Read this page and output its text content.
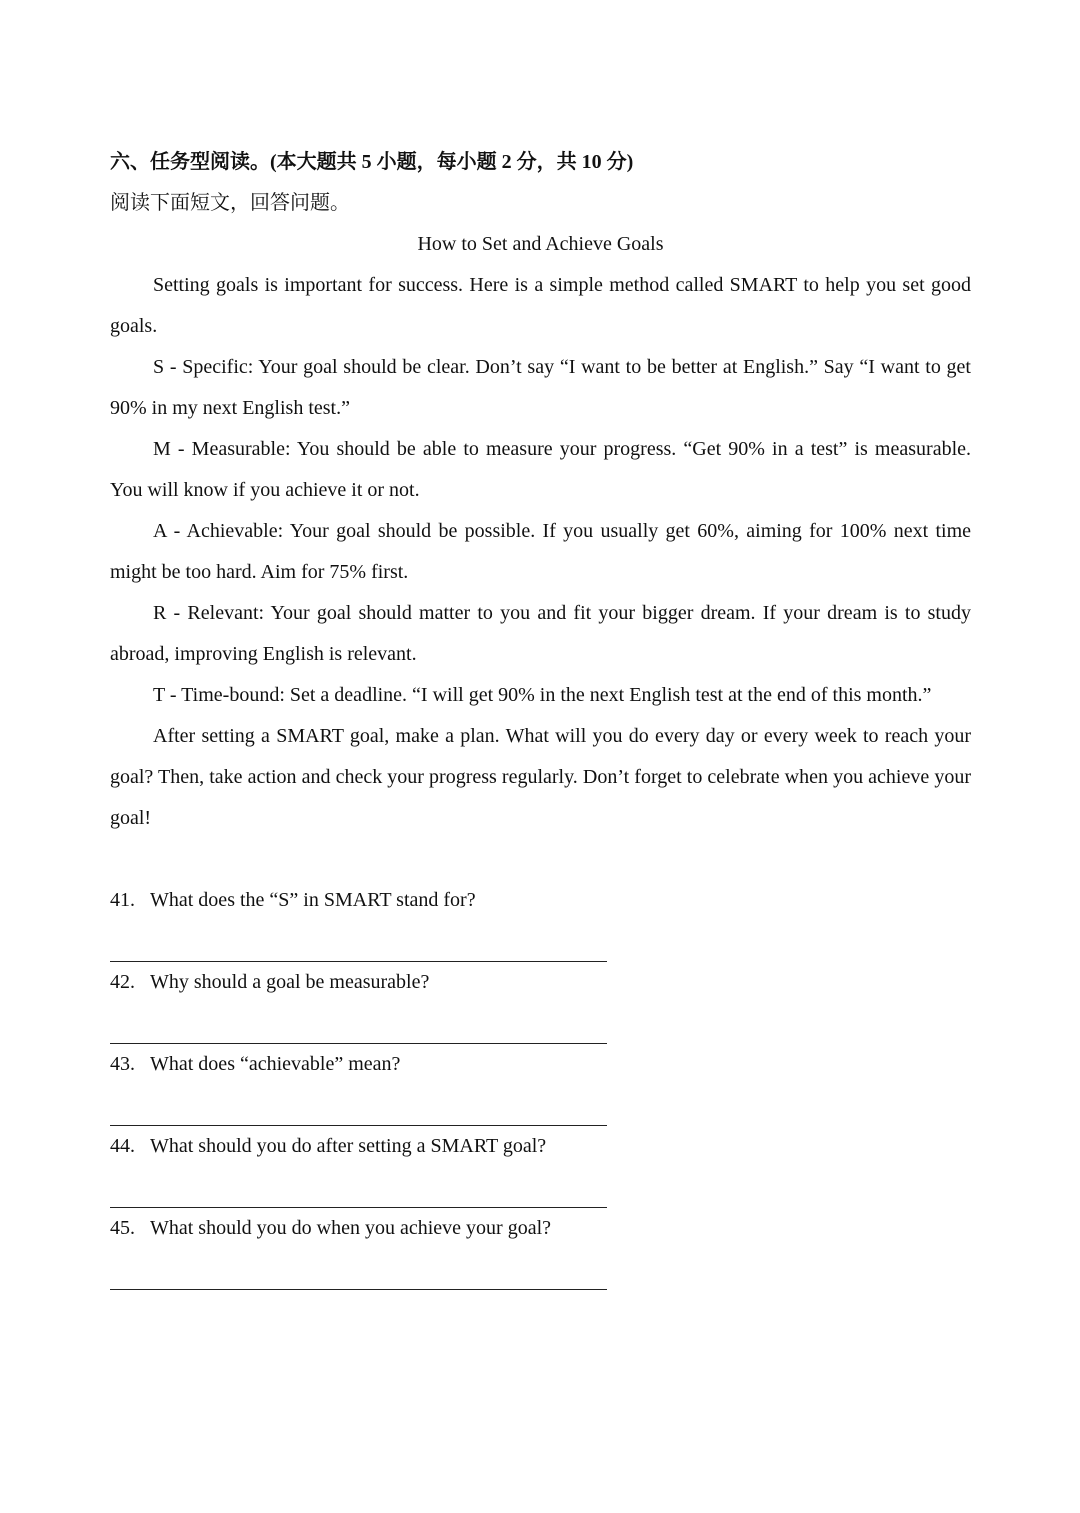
六、任务型阅读。(本大题共 5 小题，每小题 2 分，共 10 分)
阅读下面短文，回答问题。
How to Set and Achieve Goals

Setting goals is important for success. Here is a simple method called SMART to help you set good goals.

S - Specific: Your goal should be clear. Don’t say “I want to be better at English.” Say “I want to get 90% in my next English test.”

M - Measurable: You should be able to measure your progress. “Get 90% in a test” is measurable. You will know if you achieve it or not.

A - Achievable: Your goal should be possible. If you usually get 60%, aiming for 100% next time might be too hard. Aim for 75% first.

R - Relevant: Your goal should matter to you and fit your bigger dream. If your dream is to study abroad, improving English is relevant.

T - Time-bound: Set a deadline. “I will get 90% in the next English test at the end of this month.”

After setting a SMART goal, make a plan. What will you do every day or every week to reach your goal? Then, take action and check your progress regularly. Don’t forget to celebrate when you achieve your goal!

41. What does the “S” in SMART stand for?
42. Why should a goal be measurable?
43. What does “achievable” mean?
44. What should you do after setting a SMART goal?
45. What should you do when you achieve your goal?
